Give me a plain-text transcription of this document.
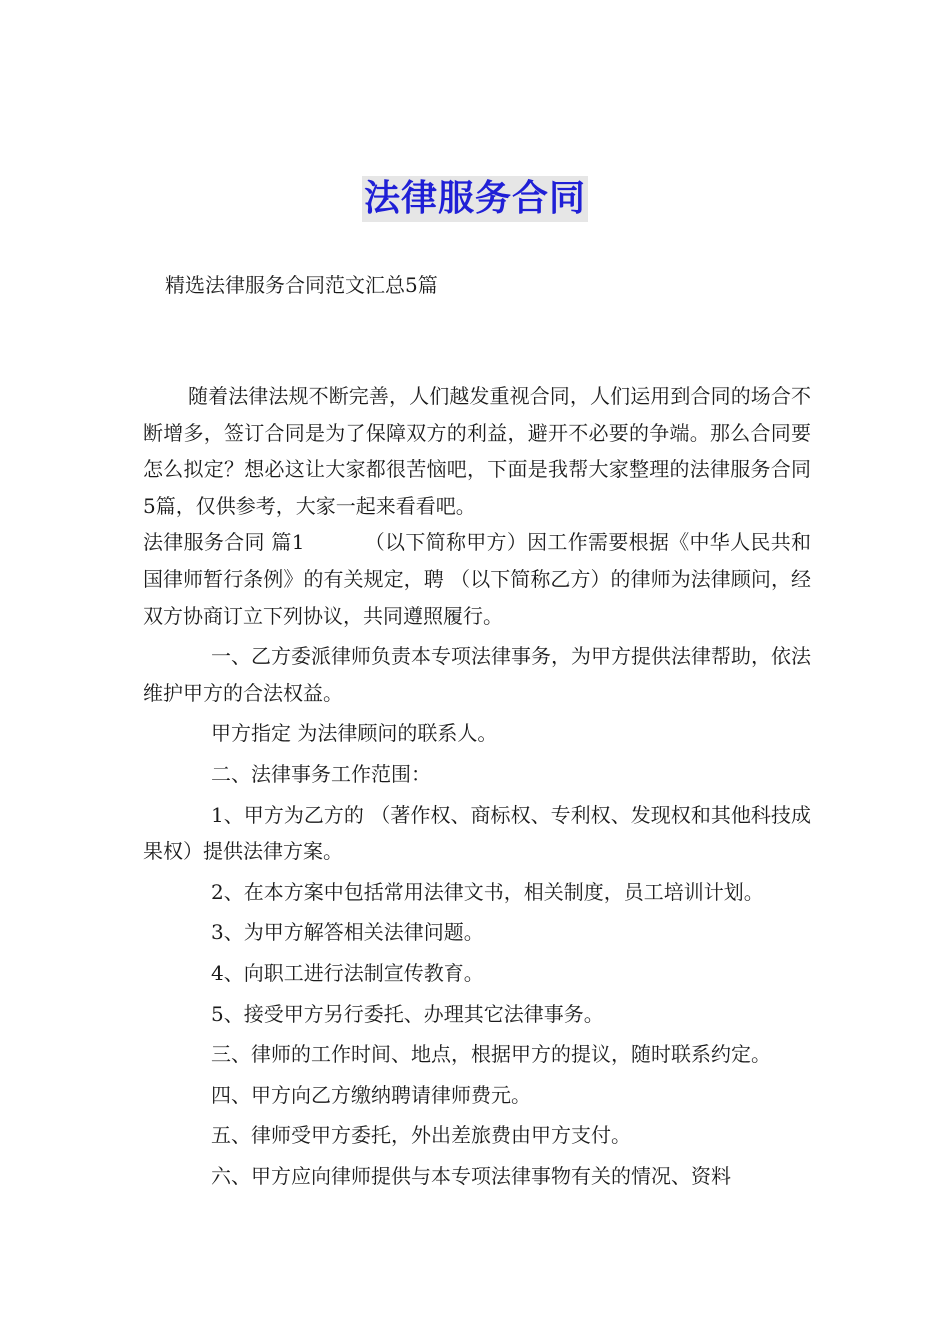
法律服务合同
精选法律服务合同范文汇总5篇

随着法律法规不断完善，人们越发重视合同，人们运用到合同的场合不断增多，签订合同是为了保障双方的利益，避开不必要的争端。那么合同要怎么拟定？想必这让大家都很苦恼吧，下面是我帮大家整理的法律服务合同5篇，仅供参考，大家一起来看看吧。

法律服务合同 篇1	（以下简称甲方）因工作需要根据《中华人民共和国律师暂行条例》的有关规定，聘 （以下简称乙方）的律师为法律顾问，经双方协商订立下列协议，共同遵照履行。

一、乙方委派律师负责本专项法律事务，为甲方提供法律帮助，依法维护甲方的合法权益。

甲方指定 为法律顾问的联系人。

二、法律事务工作范围：

1、甲方为乙方的 （著作权、商标权、专利权、发现权和其他科技成果权）提供法律方案。

2、在本方案中包括常用法律文书，相关制度，员工培训计划。

3、为甲方解答相关法律问题。

4、向职工进行法制宣传教育。

5、接受甲方另行委托、办理其它法律事务。

三、律师的工作时间、地点，根据甲方的提议，随时联系约定。

四、甲方向乙方缴纳聘请律师费元。

五、律师受甲方委托，外出差旅费由甲方支付。

六、甲方应向律师提供与本专项法律事物有关的情况、资料
